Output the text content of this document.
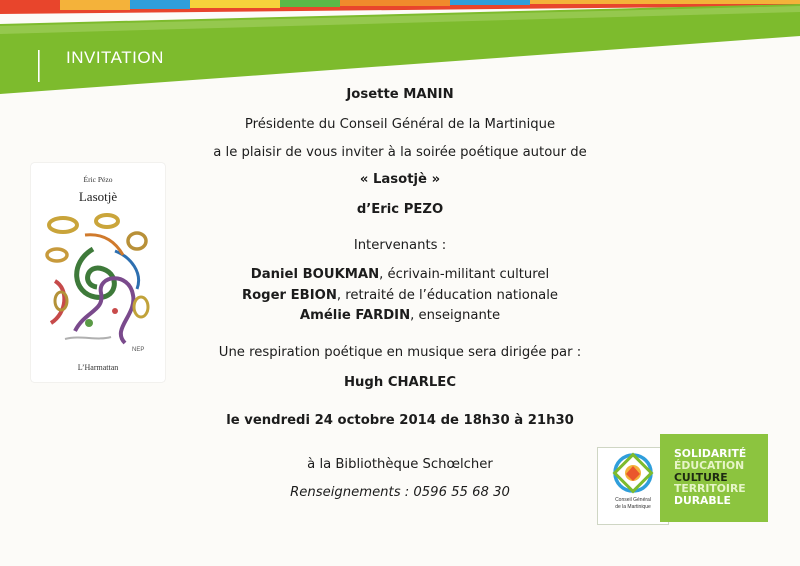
INVITATION
Josette MANIN
Présidente du Conseil Général de la Martinique
a le plaisir de vous inviter à la soirée poétique autour de
« Lasotjè »
d’Eric PEZO
Intervenants :
Daniel BOUKMAN, écrivain-militant culturel
Roger EBION, retraité de l’éducation nationale
Amélie FARDIN, enseignante
Une respiration poétique en musique sera dirigée par :
Hugh CHARLEC
le vendredi 24 octobre 2014 de 18h30 à 21h30
à la Bibliothèque Schœlcher
Renseignements : 0596 55 68 30
Éric Pézo
Lasotjè
NEP
L’Harmattan
Conseil Général
de la Martinique
SOLIDARITÉ
ÉDUCATION
CULTURE
TERRITOIRE
DURABLE
